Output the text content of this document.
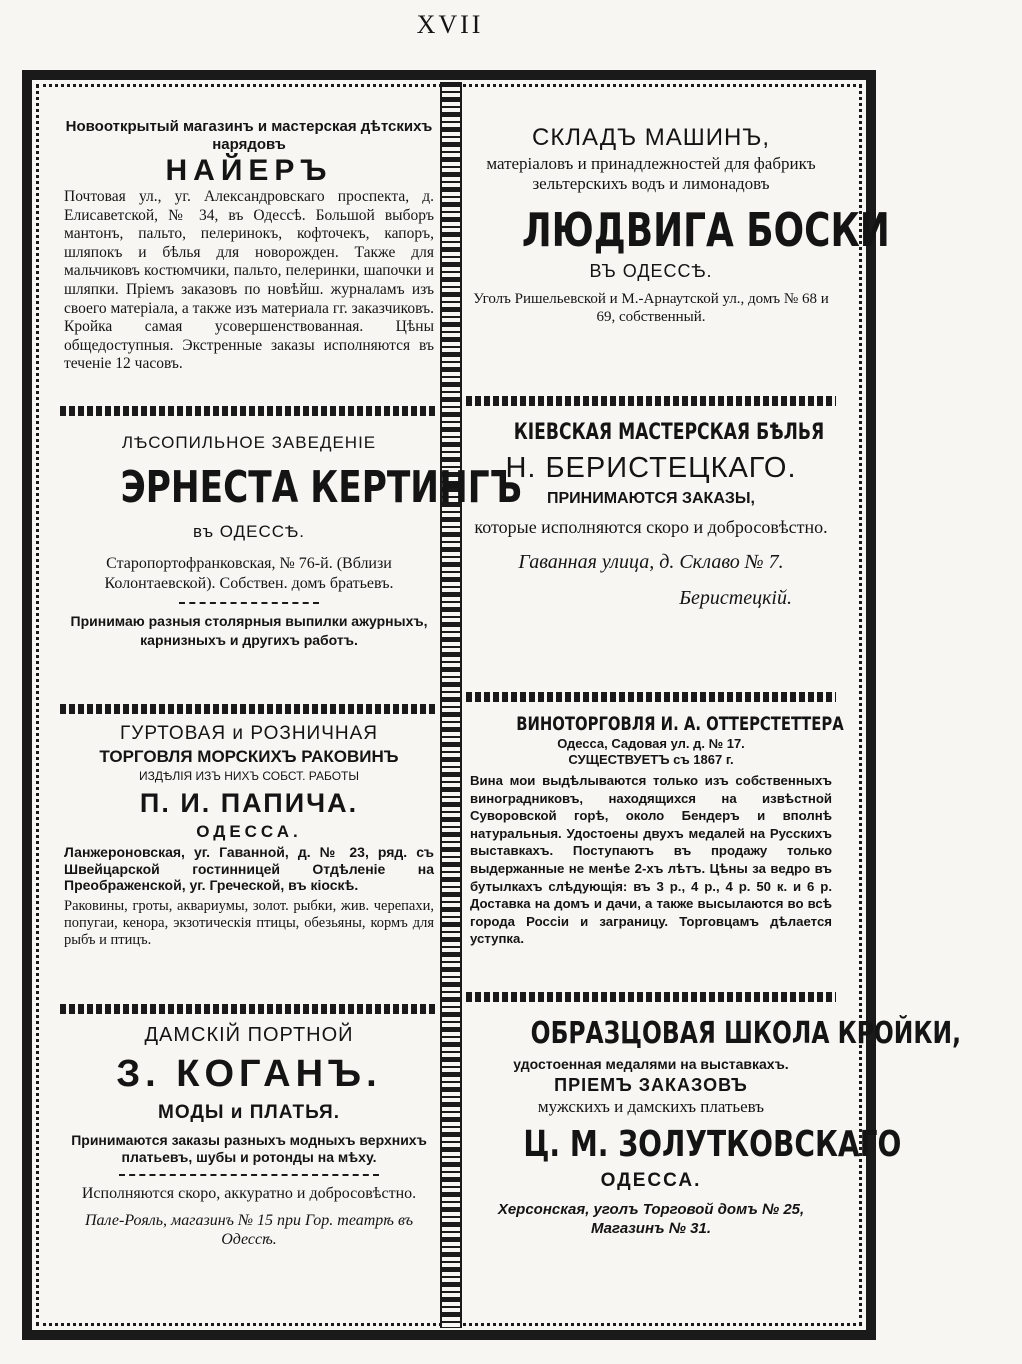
XVII

Новооткрытый магазинъ и мастерская дѣтскихъ нарядовъ

НАЙЕРЪ

Почтовая ул., уг. Александровскаго проспекта, д. Елисаветской, № 34, въ Одессѣ. Большой выборъ мантонъ, пальто, пелеринокъ, кофточекъ, капоръ, шляпокъ и бѣлья для новорожден. Также для мальчиковъ костюмчики, пальто, пелеринки, шапочки и шляпки. Пріемъ заказовъ по новѣйш. журналамъ изъ своего матеріала, а также изъ материала гг. заказчиковъ. Кройка самая усовершенствованная. Цѣны общедоступныя. Экстренные заказы исполняются въ теченіе 12 часовъ.

ЛѢСОПИЛЬНОЕ ЗАВЕДЕНІЕ

ЭРНЕСТА КЕРТИНГЪ

въ ОДЕССѢ.

Старопортофранковская, № 76-й. (Вблизи Колонтаевской). Собствен. домъ братьевъ.

Принимаю разныя столярныя выпилки ажурныхъ, карнизныхъ и другихъ работъ.

ГУРТОВАЯ и РОЗНИЧНАЯ

ТОРГОВЛЯ МОРСКИХЪ РАКОВИНЪ

ИЗДѢЛІЯ ИЗЪ НИХЪ СОБСТ. РАБОТЫ

П. И. ПАПИЧА.

ОДЕССА.

Ланжероновская, уг. Гаванной, д. № 23, ряд. съ Швейцарской гостинницей Отдѣленіе на Преображенской, уг. Греческой, въ кіоскѣ.

Раковины, гроты, аквариумы, золот. рыбки, жив. черепахи, попугаи, кенора, экзотическія птицы, обезьяны, кормъ для рыбъ и птицъ.

ДАМСКІЙ ПОРТНОЙ

З. КОГАНЪ.

МОДЫ и ПЛАТЬЯ.

Принимаются заказы разныхъ модныхъ верхнихъ платьевъ, шубы и ротонды на мѣху.

Исполняются скоро, аккуратно и добросовѣстно.

Пале-Рояль, магазинъ № 15 при Гор. театрѣ въ Одессѣ.

СКЛАДЪ МАШИНЪ,

матеріаловъ и принадлежностей для фабрикъ зельтерскихъ водъ и лимонадовъ

ЛЮДВИГА БОСКИ

ВЪ ОДЕССѢ.

Уголъ Ришельевской и М.-Арнаутской ул., домъ № 68 и 69, собственный.

КІЕВСКАЯ МАСТЕРСКАЯ БѢЛЬЯ

Н. БЕРИСТЕЦКАГО.

ПРИНИМАЮТСЯ ЗАКАЗЫ,

которые исполняются скоро и добросовѣстно.

Гаванная улица, д. Склаво № 7.

Беристецкій.

ВИНОТОРГОВЛЯ И. А. ОТТЕРСТЕТТЕРА

Одесса, Садовая ул. д. № 17.

СУЩЕСТВУЕТЪ съ 1867 г.

Вина мои выдѣлываются только изъ собственныхъ виноградниковъ, находящихся на извѣстной Суворовской горѣ, около Бендеръ и вполнѣ натуральныя. Удостоены двухъ медалей на Русскихъ выставкахъ. Поступаютъ въ продажу только выдержанные не менѣе 2-хъ лѣтъ. Цѣны за ведро въ бутылкахъ слѣдующія: въ 3 р., 4 р., 4 р. 50 к. и 6 р. Доставка на домъ и дачи, а также высылаются во всѣ города Россіи и заграницу. Торговцамъ дѣлается уступка.

ОБРАЗЦОВАЯ ШКОЛА КРОЙКИ,

удостоенная медалями на выставкахъ.

ПРІЕМЪ ЗАКАЗОВЪ

мужскихъ и дамскихъ платьевъ

Ц. М. ЗОЛУТКОВСКАГО

ОДЕССА.

Херсонская, уголъ Торговой домъ № 25, Магазинъ № 31.
